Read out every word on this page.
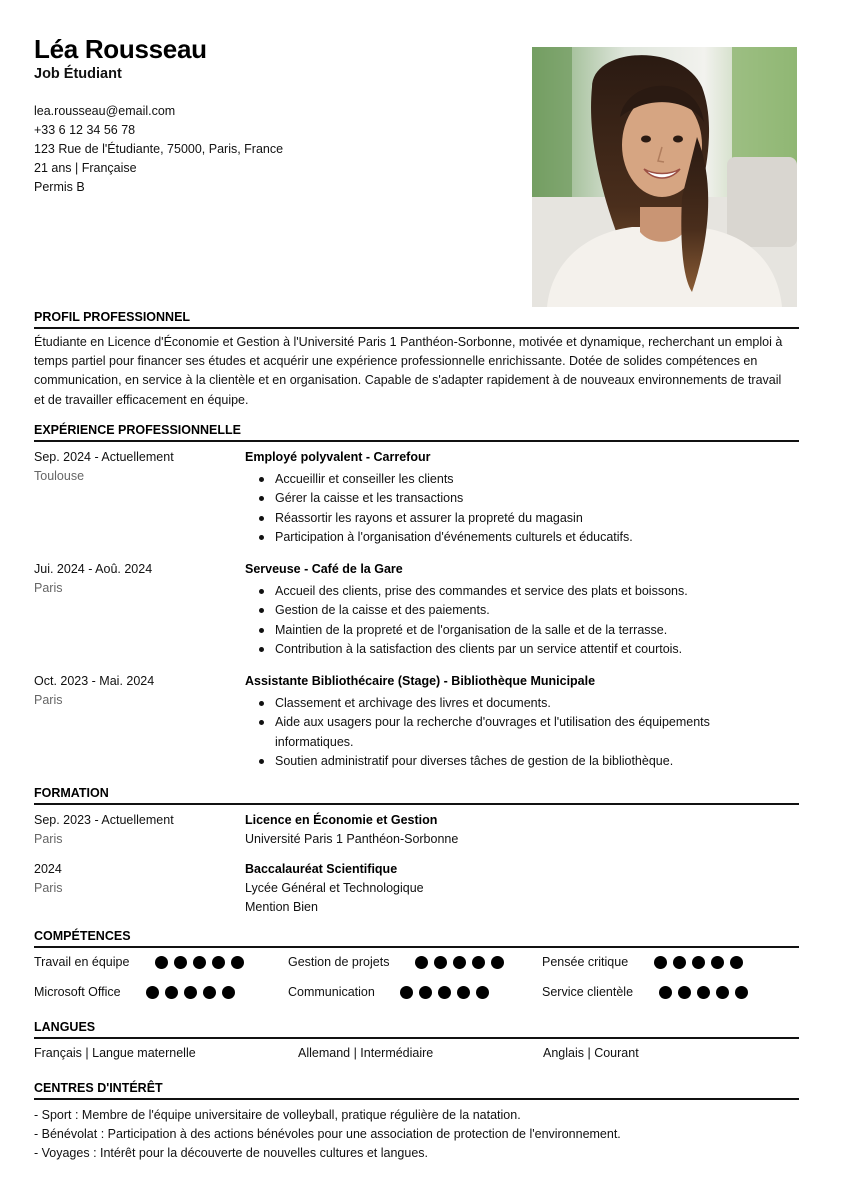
Léa Rousseau
Job Étudiant
lea.rousseau@email.com
+33 6 12 34 56 78
123 Rue de l'Étudiante, 75000, Paris, France
21 ans | Française
Permis B
PROFIL PROFESSIONNEL
Étudiante en Licence d'Économie et Gestion à l'Université Paris 1 Panthéon-Sorbonne, motivée et dynamique, recherchant un emploi à temps partiel pour financer ses études et acquérir une expérience professionnelle enrichissante. Dotée de solides compétences en communication, en service à la clientèle et en organisation. Capable de s'adapter rapidement à de nouveaux environnements de travail et de travailler efficacement en équipe.
EXPÉRIENCE PROFESSIONNELLE
Sep. 2024 - Actuellement
Toulouse
Employé polyvalent - Carrefour
Accueillir et conseiller les clients
Gérer la caisse et les transactions
Réassortir les rayons et assurer la propreté du magasin
Participation à l'organisation d'événements culturels et éducatifs.
Jui. 2024 - Aoû. 2024
Paris
Serveuse - Café de la Gare
Accueil des clients, prise des commandes et service des plats et boissons.
Gestion de la caisse et des paiements.
Maintien de la propreté et de l'organisation de la salle et de la terrasse.
Contribution à la satisfaction des clients par un service attentif et courtois.
Oct. 2023 - Mai. 2024
Paris
Assistante Bibliothécaire (Stage) - Bibliothèque Municipale
Classement et archivage des livres et documents.
Aide aux usagers pour la recherche d'ouvrages et l'utilisation des équipements informatiques.
Soutien administratif pour diverses tâches de gestion de la bibliothèque.
FORMATION
Sep. 2023 - Actuellement
Paris
Licence en Économie et Gestion
Université Paris 1 Panthéon-Sorbonne
2024
Paris
Baccalauréat Scientifique
Lycée Général et Technologique
Mention Bien
COMPÉTENCES
Travail en équipe	Gestion de projets	Pensée critique
Microsoft Office	Communication	Service clientèle
LANGUES
Français | Langue maternelle	Allemand | Intermédiaire	Anglais | Courant
CENTRES D'INTÉRÊT
- Sport : Membre de l'équipe universitaire de volleyball, pratique régulière de la natation.
- Bénévolat : Participation à des actions bénévoles pour une association de protection de l'environnement.
- Voyages : Intérêt pour la découverte de nouvelles cultures et langues.
